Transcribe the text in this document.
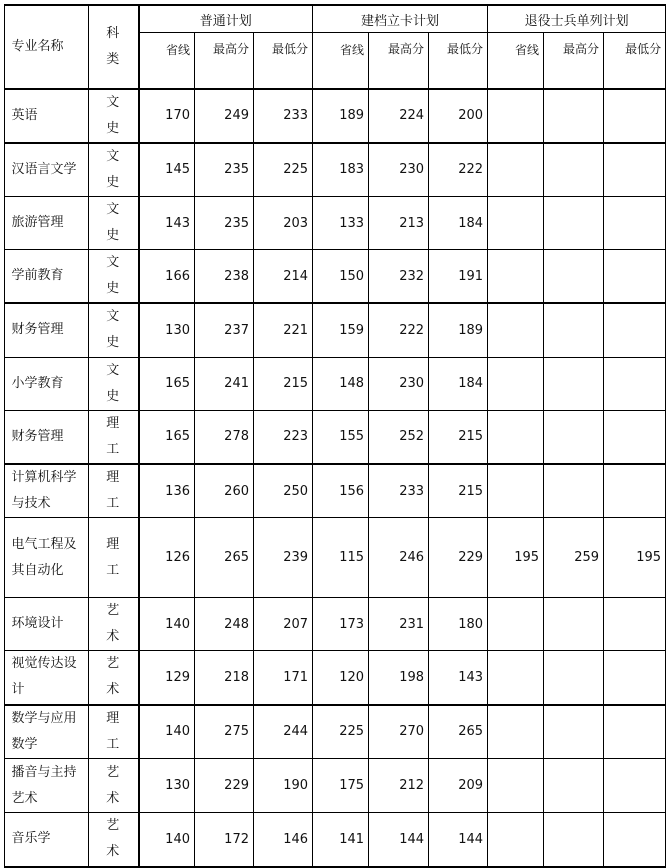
专业名称	科类	普通计划			建档立卡计划			退役士兵单列计划		

		省线	最高分	最低分	省线	最高分	最低分	省线	最高分	最低分

英语	文史	170	249	233	189	224	200			

汉语言文学	文史	145	235	225	183	230	222			

旅游管理	文史	143	235	203	133	213	184			

学前教育	文史	166	238	214	150	232	191			

财务管理	文史	130	237	221	159	222	189			

小学教育	文史	165	241	215	148	230	184			

财务管理	理工	165	278	223	155	252	215			

计算机科学与技术	理工	136	260	250	156	233	215			

电气工程及其自动化	理工	126	265	239	115	246	229	195	259	195

环境设计	艺术	140	248	207	173	231	180			

视觉传达设计	艺术	129	218	171	120	198	143			

数学与应用数学	理工	140	275	244	225	270	265			

播音与主持艺术	艺术	130	229	190	175	212	209			

音乐学	艺术	140	172	146	141	144	144			
